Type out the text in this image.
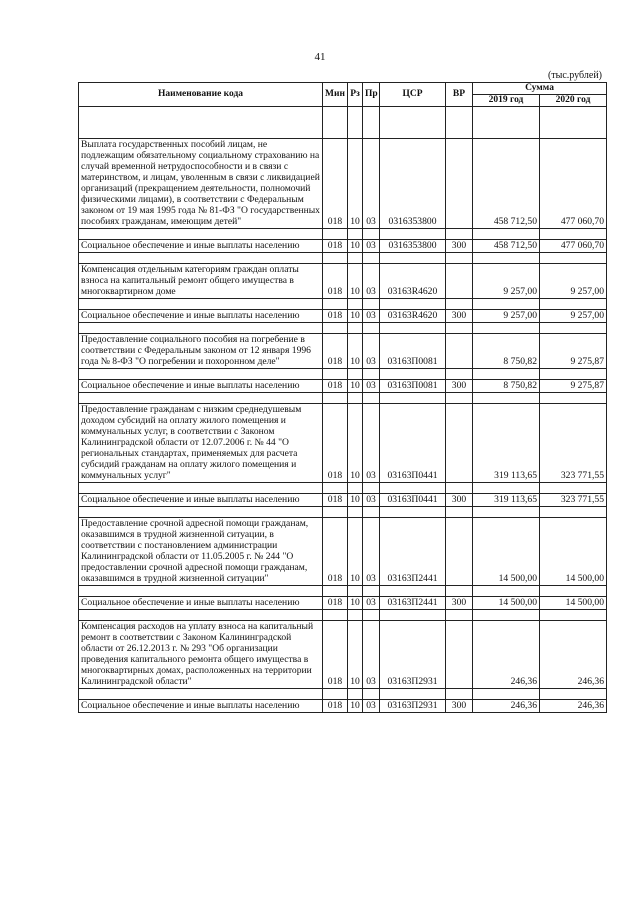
41
(тыс.рублей)
Наименование кода	Мин	Рз	Пр	ЦСР	ВР	Сумма	
						2019 год	2020 год

Выплата государственных пособий лицам, не подлежащим обязательному социальному страхованию на случай временной нетрудоспособности и в связи с материнством, и лицам, уволенным в связи с ликвидацией организаций (прекращением деятельности, полномочий физическими лицами), в соответствии с Федеральным законом от 19 мая 1995 года № 81-ФЗ "О государственных пособиях гражданам, имеющим детей"	018	10	03	0316353800		458 712,50	477 060,70

Социальное обеспечение и иные выплаты населению	018	10	03	0316353800	300	458 712,50	477 060,70

Компенсация отдельным категориям граждан оплаты взноса на капитальный ремонт общего имущества в многоквартирном доме	018	10	03	03163R4620		9 257,00	9 257,00

Социальное обеспечение и иные выплаты населению	018	10	03	03163R4620	300	9 257,00	9 257,00

Предоставление социального пособия на погребение в соответствии с Федеральным законом от 12 января 1996 года № 8-ФЗ "О погребении и похоронном деле"	018	10	03	03163П0081		8 750,82	9 275,87

Социальное обеспечение и иные выплаты населению	018	10	03	03163П0081	300	8 750,82	9 275,87

Предоставление гражданам с низким среднедушевым доходом субсидий на оплату жилого помещения и коммунальных услуг, в соответствии с Законом Калининградской области от 12.07.2006 г. № 44 "О региональных стандартах, применяемых для расчета субсидий гражданам на оплату жилого помещения и коммунальных услуг"	018	10	03	03163П0441		319 113,65	323 771,55

Социальное обеспечение и иные выплаты населению	018	10	03	03163П0441	300	319 113,65	323 771,55

Предоставление срочной адресной помощи гражданам, оказавшимся в трудной жизненной ситуации, в соответствии с постановлением администрации Калининградской области от 11.05.2005 г. № 244 "О предоставлении срочной адресной помощи гражданам, оказавшимся в трудной жизненной ситуации"	018	10	03	03163П2441		14 500,00	14 500,00

Социальное обеспечение и иные выплаты населению	018	10	03	03163П2441	300	14 500,00	14 500,00

Компенсация расходов на уплату взноса на капитальный ремонт в соответствии с Законом Калининградской области от 26.12.2013 г. № 293 "Об организации проведения капитального ремонта общего имущества в многоквартирных домах, расположенных на территории Калининградской области"	018	10	03	03163П2931		246,36	246,36

Социальное обеспечение и иные выплаты населению	018	10	03	03163П2931	300	246,36	246,36
